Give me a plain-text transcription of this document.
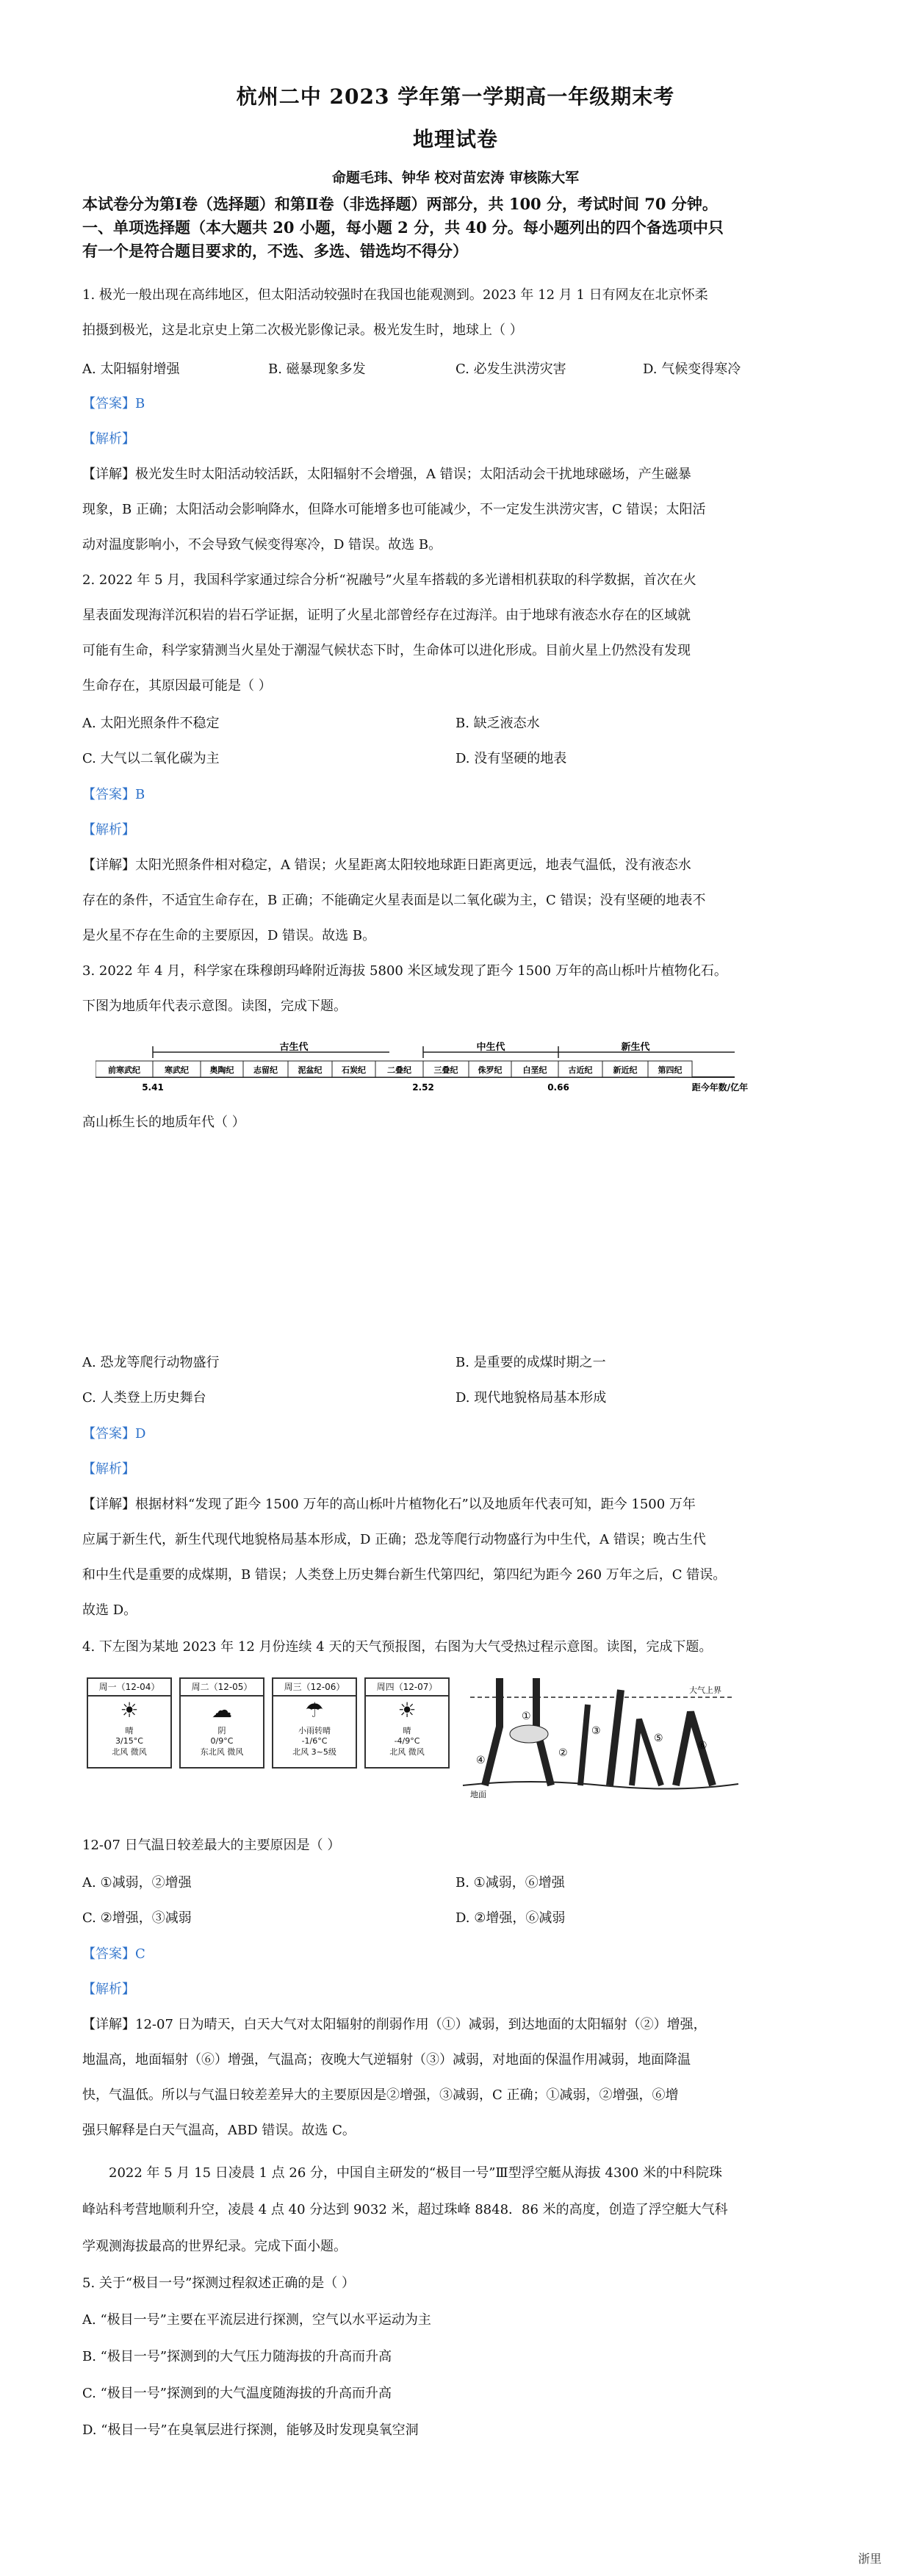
杭州二中 2023 学年第一学期高一年级期末考
地理试卷
命题毛玮、钟华 校对苗宏涛 审核陈大军
本试卷分为第Ⅰ卷（选择题）和第Ⅱ卷（非选择题）两部分，共 100 分，考试时间 70 分钟。
一、单项选择题（本大题共 20 小题，每小题 2 分，共 40 分。每小题列出的四个备选项中只
有一个是符合题目要求的，不选、多选、错选均不得分）
1. 极光一般出现在高纬地区，但太阳活动较强时在我国也能观测到。2023 年 12 月 1 日有网友在北京怀柔
拍摄到极光，这是北京史上第二次极光影像记录。极光发生时，地球上（ ）
A. 太阳辐射增强	B. 磁暴现象多发	C. 必发生洪涝灾害	D. 气候变得寒冷
【答案】B
【解析】
【详解】极光发生时太阳活动较活跃，太阳辐射不会增强，A 错误；太阳活动会干扰地球磁场，产生磁暴
现象，B 正确；太阳活动会影响降水，但降水可能增多也可能减少，不一定发生洪涝灾害，C 错误；太阳活
动对温度影响小，不会导致气候变得寒冷，D 错误。故选 B。
2. 2022 年 5 月，我国科学家通过综合分析“祝融号”火星车搭载的多光谱相机获取的科学数据，首次在火
星表面发现海洋沉积岩的岩石学证据，证明了火星北部曾经存在过海洋。由于地球有液态水存在的区域就
可能有生命，科学家猜测当火星处于潮湿气候状态下时，生命体可以进化形成。目前火星上仍然没有发现
生命存在，其原因最可能是（ ）
A. 太阳光照条件不稳定	B. 缺乏液态水
C. 大气以二氧化碳为主	D. 没有坚硬的地表
【答案】B
【解析】
【详解】太阳光照条件相对稳定，A 错误；火星距离太阳较地球距日距离更远，地表气温低，没有液态水
存在的条件，不适宜生命存在，B 正确；不能确定火星表面是以二氧化碳为主，C 错误；没有坚硬的地表不
是火星不存在生命的主要原因，D 错误。故选 B。
3. 2022 年 4 月，科学家在珠穆朗玛峰附近海拔 5800 米区域发现了距今 1500 万年的高山栎叶片植物化石。
下图为地质年代表示意图。读图，完成下题。
古生代	中生代	新生代
前寒武纪	寒武纪	奥陶纪 志留纪	泥盆纪 石炭纪	二叠纪	三叠纪 侏罗纪	白垩纪	古近纪	新近纪	第四纪
5.41	2.52	0.66	距今年数/亿年
高山栎生长的地质年代（ ）
A. 恐龙等爬行动物盛行	B. 是重要的成煤时期之一
C. 人类登上历史舞台	D. 现代地貌格局基本形成
【答案】D
【解析】
【详解】根据材料“发现了距今 1500 万年的高山栎叶片植物化石”以及地质年代表可知，距今 1500 万年
应属于新生代，新生代现代地貌格局基本形成，D 正确；恐龙等爬行动物盛行为中生代，A 错误；晚古生代
和中生代是重要的成煤期，B 错误；人类登上历史舞台新生代第四纪，第四纪为距今 260 万年之后，C 错误。
故选 D。
4. 下左图为某地 2023 年 12 月份连续 4 天的天气预报图，右图为大气受热过程示意图。读图，完成下题。
周一（12-04）
☀
晴
3/15°C
北风 微风
周二（12-05）
☁
阴
0/9°C
东北风 微风
周三（12-06）
☂
小雨转晴
-1/6°C
北风 3~5级
周四（12-07）
☀
晴
-4/9°C
北风 微风
大气上界
地面
①
②
③
④
⑤
⑥
12-07 日气温日较差最大的主要原因是（ ）
A. ①减弱，②增强	B. ①减弱，⑥增强
C. ②增强，③减弱	D. ②增强，⑥减弱
【答案】C
【解析】
【详解】12-07 日为晴天，白天大气对太阳辐射的削弱作用（①）减弱，到达地面的太阳辐射（②）增强，
地温高，地面辐射（⑥）增强，气温高；夜晚大气逆辐射（③）减弱，对地面的保温作用减弱，地面降温
快，气温低。所以与气温日较差差异大的主要原因是②增强，③减弱，C 正确；①减弱，②增强，⑥增
强只解释是白天气温高，ABD 错误。故选 C。
2022 年 5 月 15 日凌晨 1 点 26 分，中国自主研发的“极目一号”Ⅲ型浮空艇从海拔 4300 米的中科院珠
峰站科考营地顺利升空，凌晨 4 点 40 分达到 9032 米，超过珠峰 8848．86 米的高度，创造了浮空艇大气科
学观测海拔最高的世界纪录。完成下面小题。
5. 关于“极目一号”探测过程叙述正确的是（ ）
A. “极目一号”主要在平流层进行探测，空气以水平运动为主
B. “极目一号”探测到的大气压力随海拔的升高而升高
C. “极目一号”探测到的大气温度随海拔的升高而升高
D. “极目一号”在臭氧层进行探测，能够及时发现臭氧空洞
浙里
